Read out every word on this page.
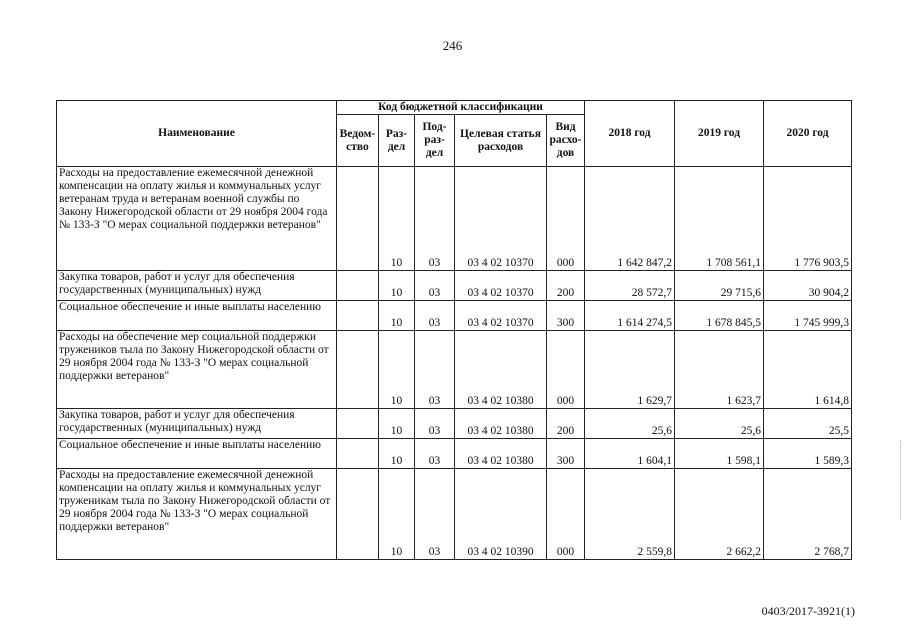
246
Наименование	Код бюджетной классификации					2018 год	2019 год	2020 год
	Ведом-ство	Раз-дел	Под-раз-дел	Целевая статья расходов	Вид расхо-дов			
Расходы на предоставление ежемесячной денежной компенсации на оплату жилья и коммунальных услуг ветеранам труда и ветеранам военной службы по Закону Нижегородской области от 29 ноября 2004 года № 133-З "О мерах социальной поддержки ветеранов"		10	03	03 4 02 10370	000	1 642 847,2	1 708 561,1	1 776 903,5
Закупка товаров, работ и услуг для обеспечения государственных (муниципальных) нужд		10	03	03 4 02 10370	200	28 572,7	29 715,6	30 904,2
Социальное обеспечение и иные выплаты населению		10	03	03 4 02 10370	300	1 614 274,5	1 678 845,5	1 745 999,3
Расходы на обеспечение мер социальной поддержки тружеников тыла по Закону Нижегородской области от 29 ноября 2004 года № 133-З "О мерах социальной поддержки ветеранов"		10	03	03 4 02 10380	000	1 629,7	1 623,7	1 614,8
Закупка товаров, работ и услуг для обеспечения государственных (муниципальных) нужд		10	03	03 4 02 10380	200	25,6	25,6	25,5
Социальное обеспечение и иные выплаты населению		10	03	03 4 02 10380	300	1 604,1	1 598,1	1 589,3
Расходы на предоставление ежемесячной денежной компенсации на оплату жилья и коммунальных услуг труженикам тыла по Закону Нижегородской области от 29 ноября 2004 года № 133-З "О мерах социальной поддержки ветеранов"		10	03	03 4 02 10390	000	2 559,8	2 662,2	2 768,7
0403/2017-3921(1)
